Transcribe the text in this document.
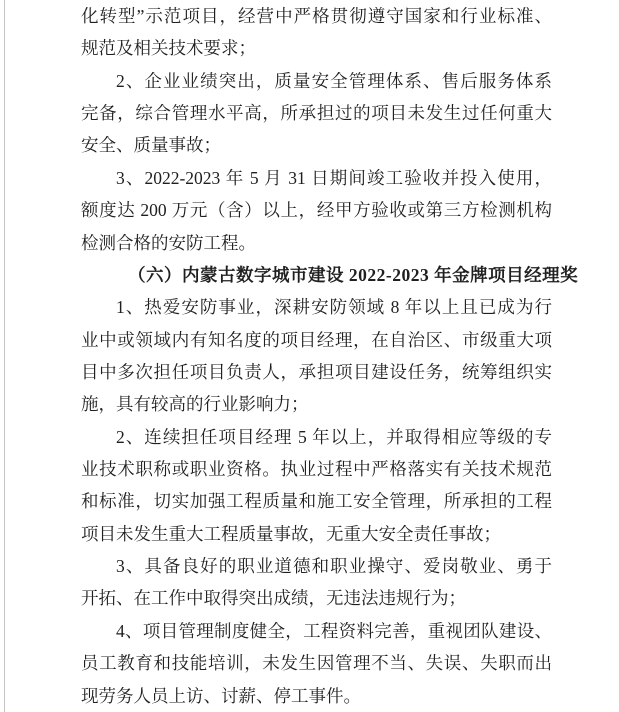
化转型”示范项目，经营中严格贯彻遵守国家和行业标准、
规范及相关技术要求；
2、企业业绩突出，质量安全管理体系、售后服务体系
完备，综合管理水平高，所承担过的项目未发生过任何重大
安全、质量事故；
3、2022-2023 年 5 月 31 日期间竣工验收并投入使用，
额度达 200 万元（含）以上，经甲方验收或第三方检测机构
检测合格的安防工程。
（六）内蒙古数字城市建设 2022-2023 年金牌项目经理奖
1、热爱安防事业，深耕安防领域 8 年以上且已成为行
业中或领域内有知名度的项目经理，在自治区、市级重大项
目中多次担任项目负责人，承担项目建设任务，统筹组织实
施，具有较高的行业影响力；
2、连续担任项目经理 5 年以上，并取得相应等级的专
业技术职称或职业资格。执业过程中严格落实有关技术规范
和标准，切实加强工程质量和施工安全管理，所承担的工程
项目未发生重大工程质量事故，无重大安全责任事故；
3、具备良好的职业道德和职业操守、爱岗敬业、勇于
开拓、在工作中取得突出成绩，无违法违规行为；
4、项目管理制度健全，工程资料完善，重视团队建设、
员工教育和技能培训，未发生因管理不当、失误、失职而出
现劳务人员上访、讨薪、停工事件。
